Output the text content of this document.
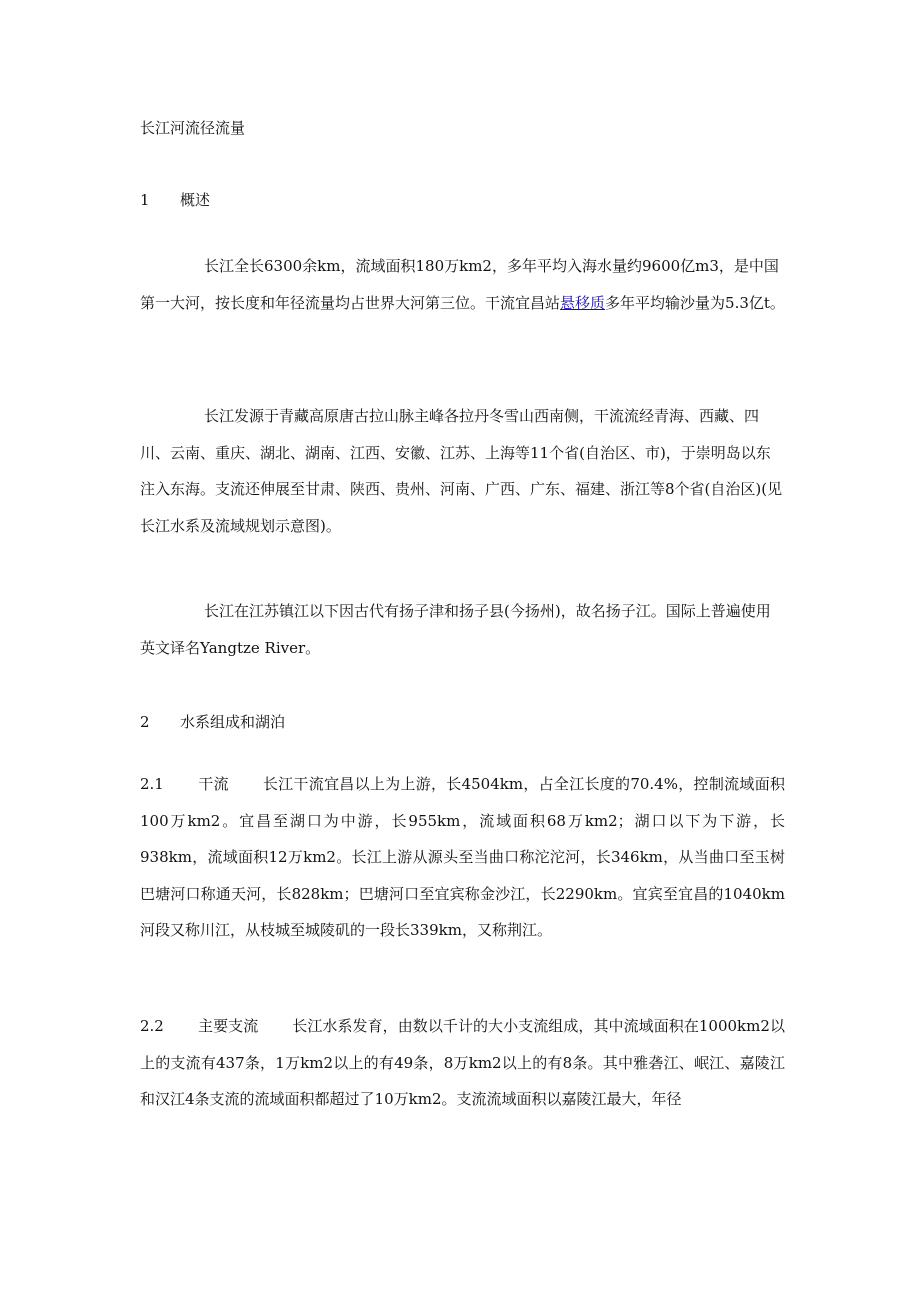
长江河流径流量
1 概述
长江全长6300余km，流域面积180万km2，多年平均入海水量约9600亿m3，是中国第一大河，按长度和年径流量均占世界大河第三位。干流宜昌站悬移质多年平均输沙量为5.3亿t。
长江发源于青藏高原唐古拉山脉主峰各拉丹冬雪山西南侧，干流流经青海、西藏、四川、云南、重庆、湖北、湖南、江西、安徽、江苏、上海等11个省(自治区、市)，于崇明岛以东注入东海。支流还伸展至甘肃、陕西、贵州、河南、广西、广东、福建、浙江等8个省(自治区)(见长江水系及流域规划示意图)。
长江在江苏镇江以下因古代有扬子津和扬子县(今扬州)，故名扬子江。国际上普遍使用英文译名Yangtze River。
2 水系组成和湖泊
2.1 干流 长江干流宜昌以上为上游，长4504km，占全江长度的70.4%，控制流域面积100万km2。宜昌至湖口为中游，长955km，流域面积68万km2；湖口以下为下游，长938km，流域面积12万km2。长江上游从源头至当曲口称沱沱河，长346km，从当曲口至玉树巴塘河口称通天河，长828km；巴塘河口至宜宾称金沙江，长2290km。宜宾至宜昌的1040km河段又称川江，从枝城至城陵矶的一段长339km，又称荆江。
2.2 主要支流 长江水系发育，由数以千计的大小支流组成，其中流域面积在1000km2以上的支流有437条，1万km2以上的有49条，8万km2以上的有8条。其中雅砻江、岷江、嘉陵江和汉江4条支流的流域面积都超过了10万km2。支流流域面积以嘉陵江最大，年径
